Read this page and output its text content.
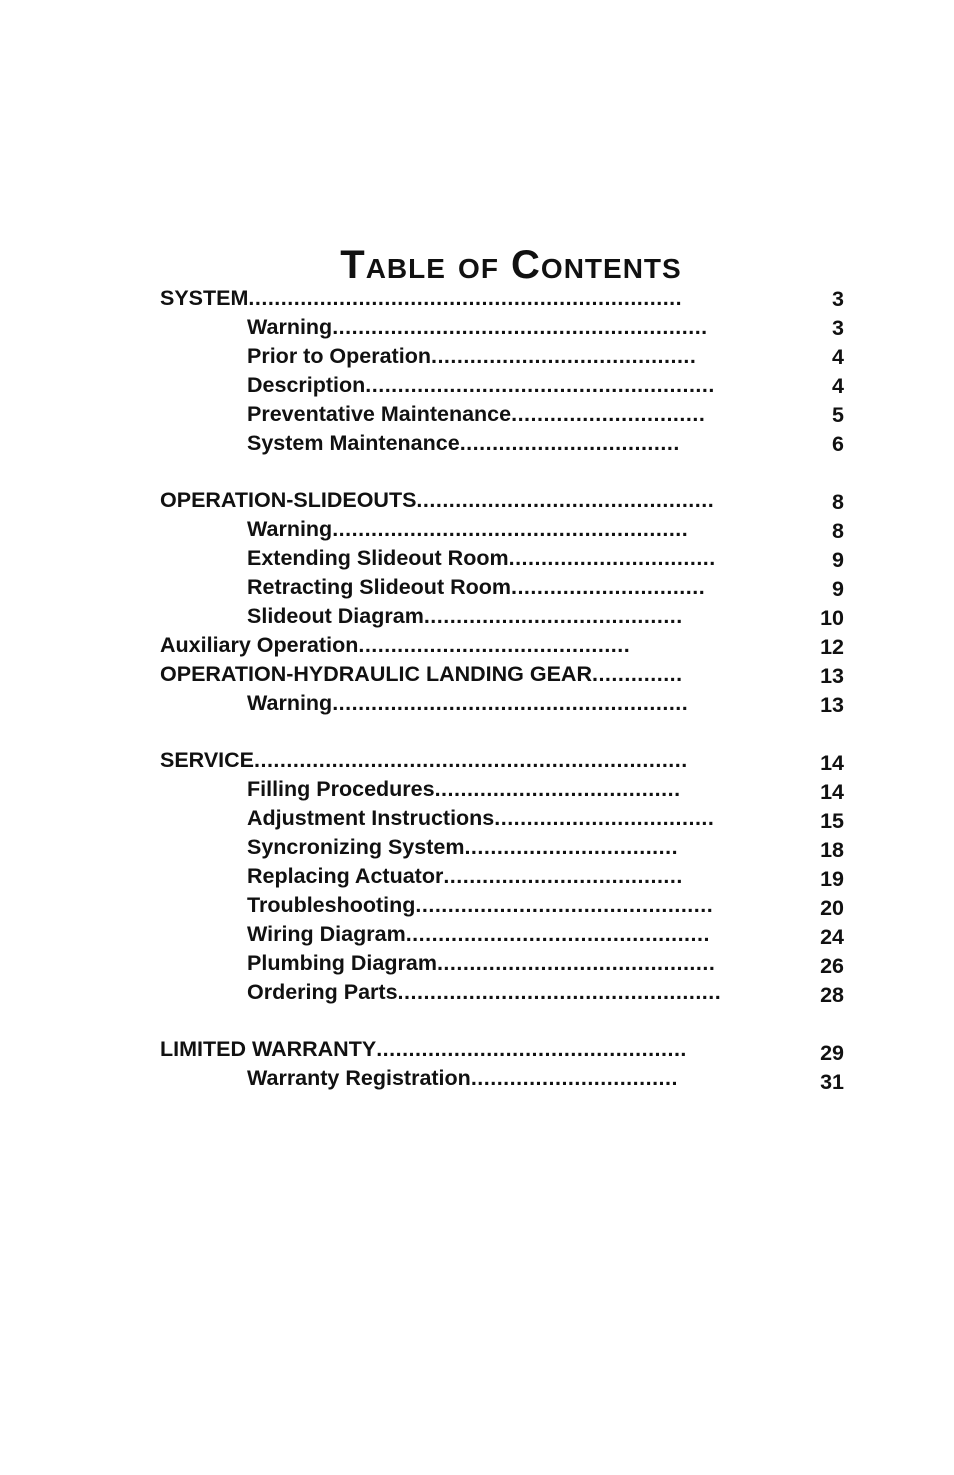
Table of Contents
SYSTEM...................................................................	3
Warning..........................................................	3
Prior to Operation.........................................	4
Description......................................................	4
Preventative Maintenance..............................	5
System Maintenance..................................	6
OPERATION-SLIDEOUTS..............................................	8
Warning.......................................................	8
Extending Slideout Room................................	9
Retracting Slideout Room..............................	9
Slideout Diagram........................................	10
Auxiliary Operation..........................................	12
OPERATION-HYDRAULIC LANDING GEAR..............	13
Warning.......................................................	13
SERVICE...................................................................	14
Filling Procedures......................................	14
Adjustment Instructions..................................	15
Syncronizing System.................................	18
Replacing Actuator.....................................	19
Troubleshooting..............................................	20
Wiring Diagram...............................................	24
Plumbing Diagram...........................................	26
Ordering Parts..................................................	28
LIMITED WARRANTY................................................	29
Warranty Registration................................	31
